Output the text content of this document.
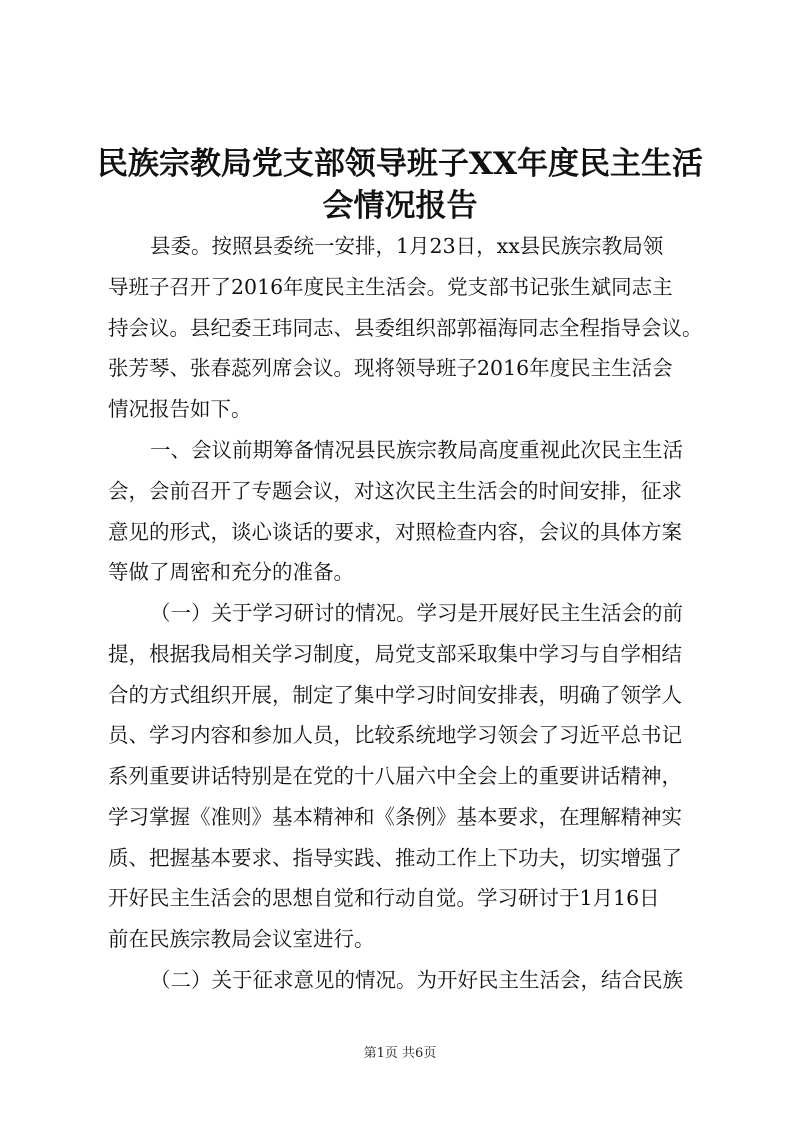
民族宗教局党支部领导班子XX年度民主生活
会情况报告

县委。按照县委统一安排，1月23日，xx县民族宗教局领

导班子召开了2016年度民主生活会。党支部书记张生斌同志主

持会议。县纪委王玮同志、县委组织部郭福海同志全程指导会议。

张芳琴、张春蕊列席会议。现将领导班子2016年度民主生活会

情况报告如下。

一、会议前期筹备情况县民族宗教局高度重视此次民主生活

会，会前召开了专题会议，对这次民主生活会的时间安排，征求

意见的形式，谈心谈话的要求，对照检查内容，会议的具体方案

等做了周密和充分的准备。

（一）关于学习研讨的情况。学习是开展好民主生活会的前

提，根据我局相关学习制度，局党支部采取集中学习与自学相结

合的方式组织开展，制定了集中学习时间安排表，明确了领学人

员、学习内容和参加人员，比较系统地学习领会了习近平总书记

系列重要讲话特别是在党的十八届六中全会上的重要讲话精神，

学习掌握《准则》基本精神和《条例》基本要求，在理解精神实

质、把握基本要求、指导实践、推动工作上下功夫，切实增强了

开好民主生活会的思想自觉和行动自觉。学习研讨于1月16日

前在民族宗教局会议室进行。

（二）关于征求意见的情况。为开好民主生活会，结合民族

第1页 共6页
